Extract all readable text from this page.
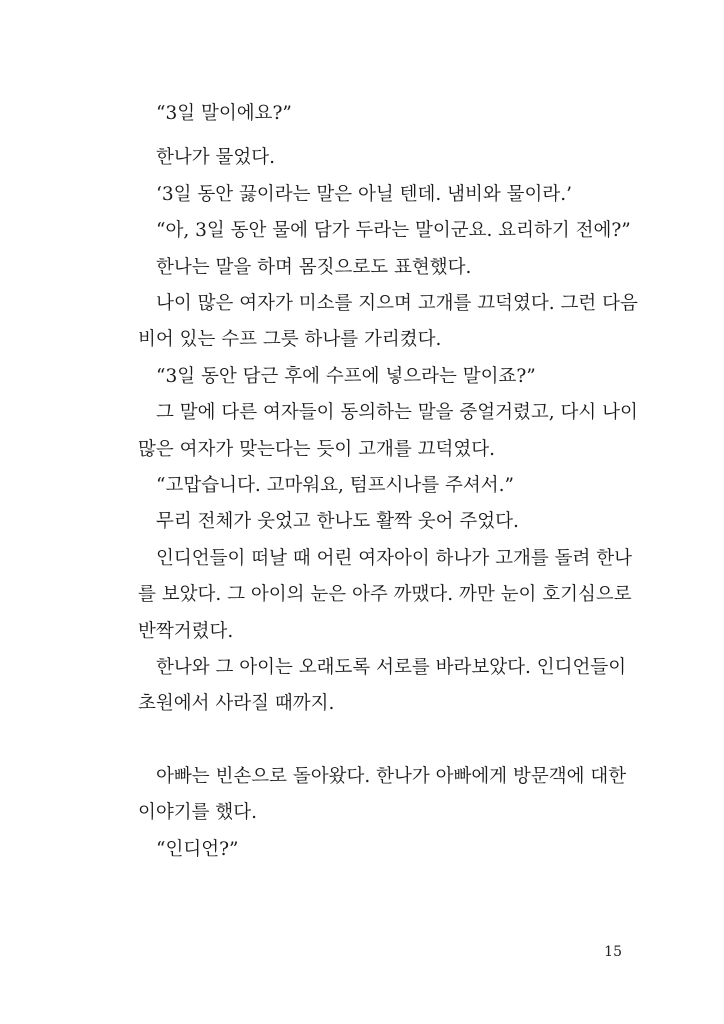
“3일 말이에요?”
한나가 물었다.
‘3일 동안 끓이라는 말은 아닐 텐데. 냄비와 물이라.’
“아, 3일 동안 물에 담가 두라는 말이군요. 요리하기 전에?”
한나는 말을 하며 몸짓으로도 표현했다.
나이 많은 여자가 미소를 지으며 고개를 끄덕였다. 그런 다음
비어 있는 수프 그릇 하나를 가리켰다.
“3일 동안 담근 후에 수프에 넣으라는 말이죠?”
그 말에 다른 여자들이 동의하는 말을 중얼거렸고, 다시 나이
많은 여자가 맞는다는 듯이 고개를 끄덕였다.
“고맙습니다. 고마워요, 텀프시나를 주셔서.”
무리 전체가 웃었고 한나도 활짝 웃어 주었다.
인디언들이 떠날 때 어린 여자아이 하나가 고개를 돌려 한나
를 보았다. 그 아이의 눈은 아주 까맸다. 까만 눈이 호기심으로
반짝거렸다.
한나와 그 아이는 오래도록 서로를 바라보았다. 인디언들이
초원에서 사라질 때까지.
아빠는 빈손으로 돌아왔다. 한나가 아빠에게 방문객에 대한
이야기를 했다.
“인디언?”
15
